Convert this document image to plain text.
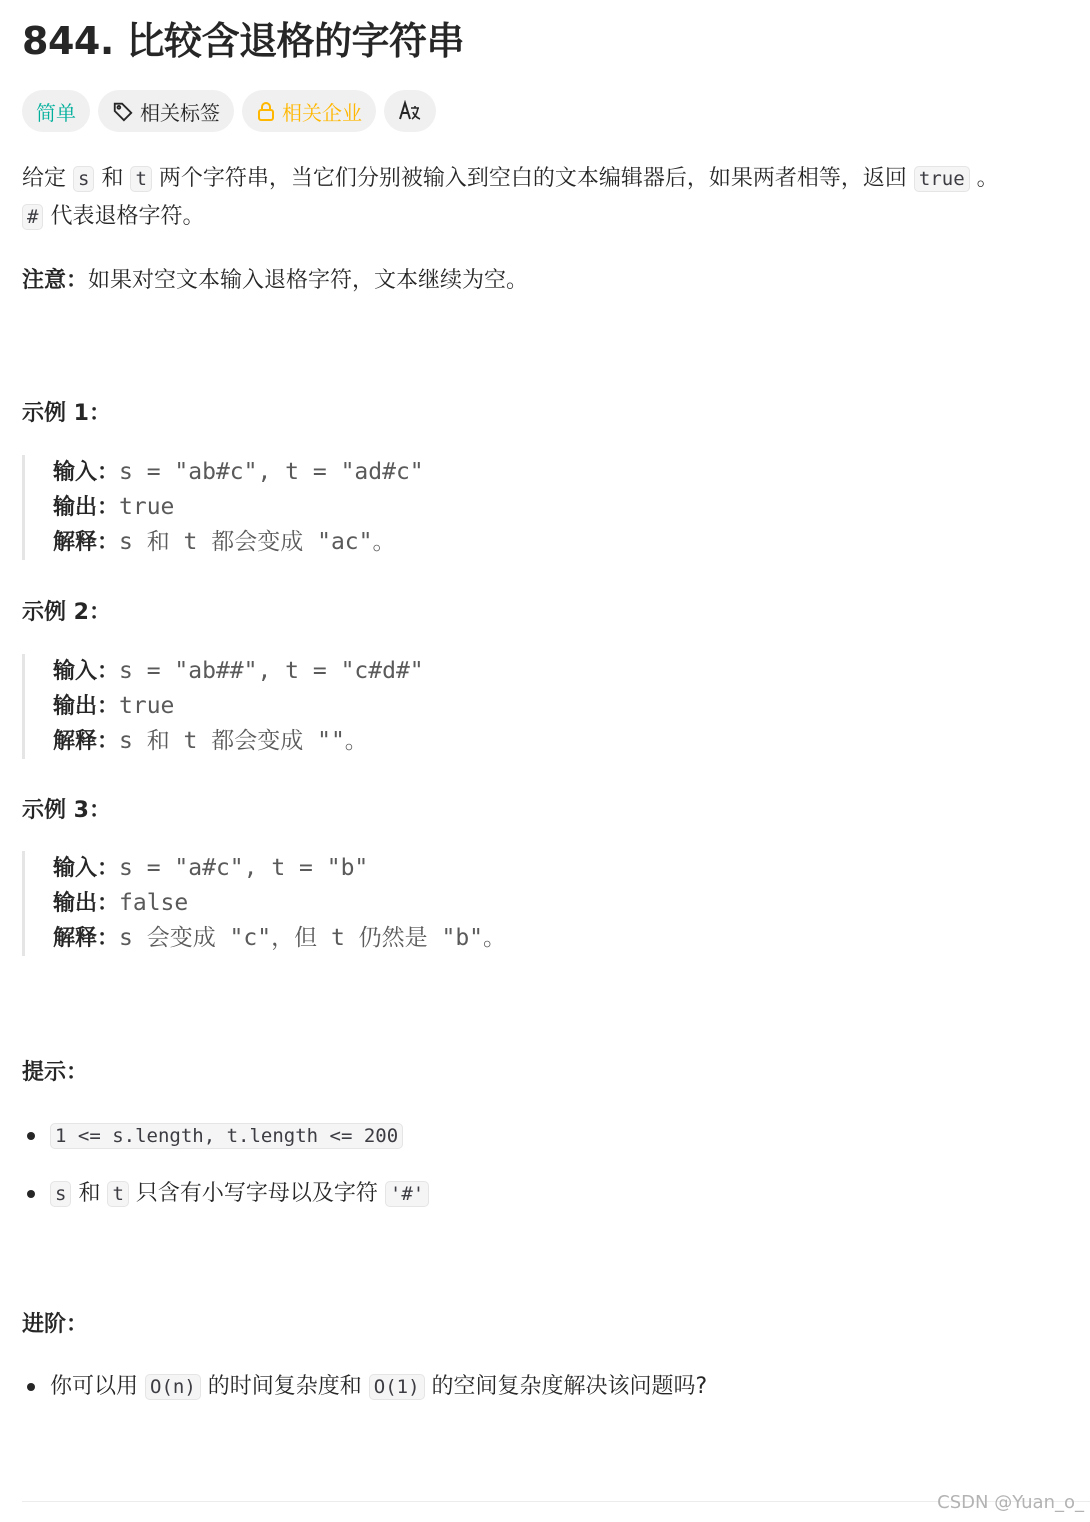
844. 比较含退格的字符串
简单	相关标签	相关企业

给定 s 和 t 两个字符串，当它们分别被输入到空白的文本编辑器后，如果两者相等，返回 true 。
# 代表退格字符。

注意：如果对空文本输入退格字符，文本继续为空。

示例 1：
输入： s = "ab#c", t = "ad#c"
输出： true
解释： s 和 t 都会变成 "ac"。
示例 2：
输入： s = "ab##", t = "c#d#"
输出： true
解释： s 和 t 都会变成 ""。
示例 3：
输入： s = "a#c", t = "b"
输出： false
解释： s 会变成 "c"，但 t 仍然是 "b"。
提示：
1 <= s.length, t.length <= 200
s 和 t 只含有小写字母以及字符 '#'
进阶：
你可以用 O(n) 的时间复杂度和 O(1) 的空间复杂度解决该问题吗?
CSDN @Yuan_o_
